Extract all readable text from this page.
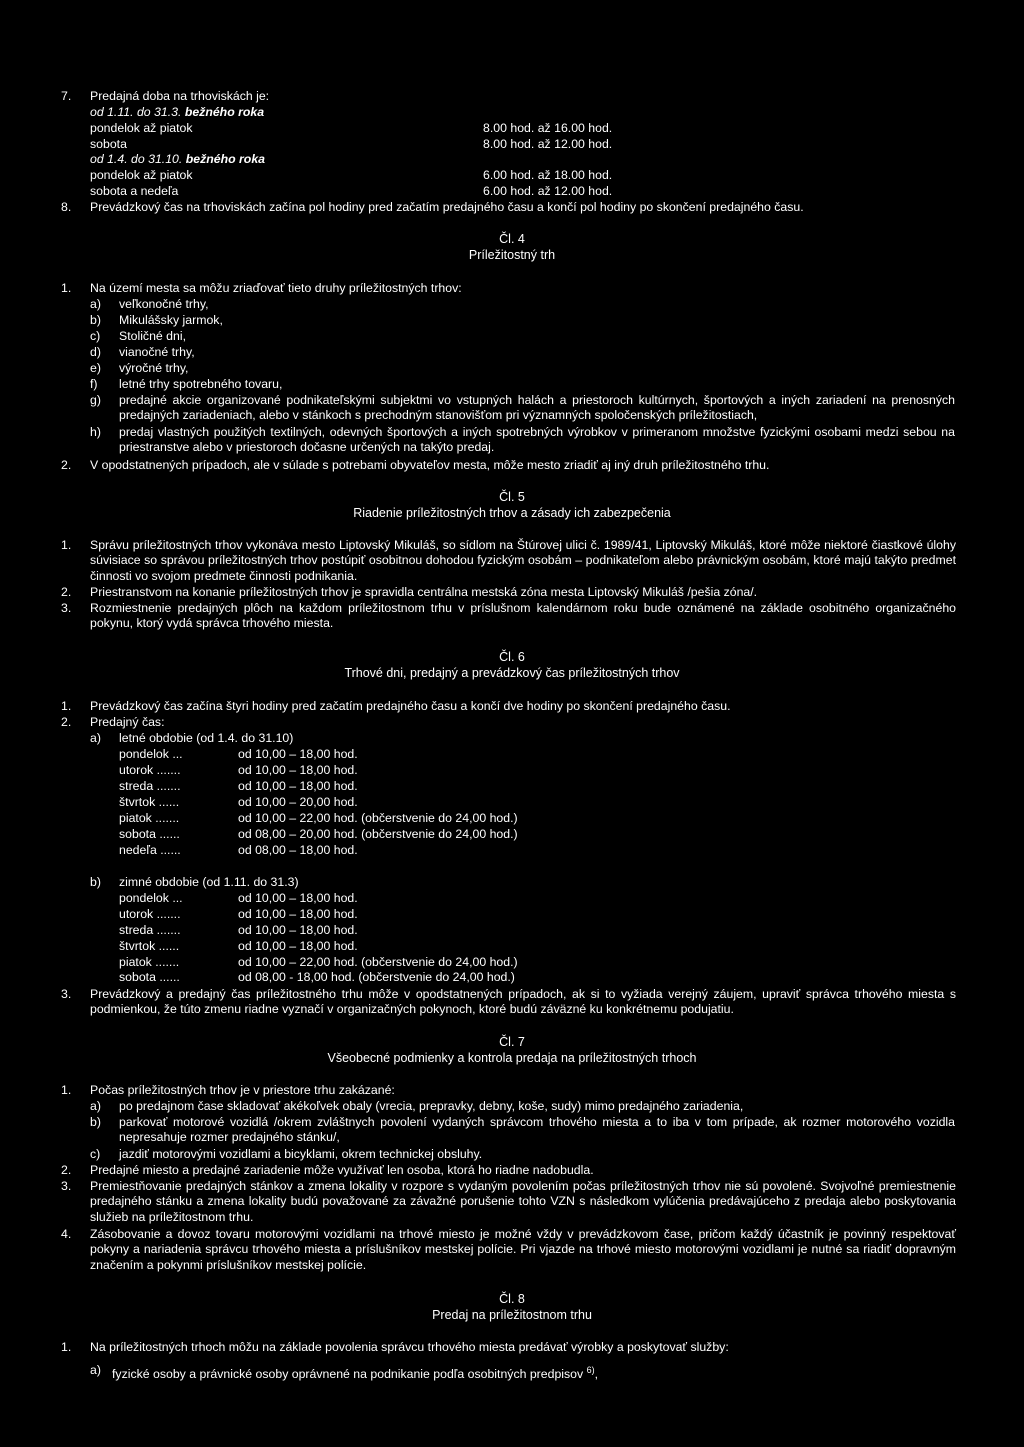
7. Predajná doba na trhoviskách je:
od 1.11. do 31.3. bežného roka
pondelok až piatok	8.00 hod. až 16.00 hod.
sobota	8.00 hod. až 12.00 hod.
od 1.4. do 31.10. bežného roka
pondelok až piatok	6.00 hod. až 18.00 hod.
sobota a nedeľa	6.00 hod. až 12.00 hod.
8. Prevádzkový čas na trhoviskách začína pol hodiny pred začatím predajného času a končí pol hodiny po skončení predajného času.
Čl. 4
Príležitostný trh
1. Na území mesta sa môžu zriaďovať tieto druhy príležitostných trhov:
a) veľkonočné trhy,
b) Mikulášsky jarmok,
c) Stoličné dni,
d) vianočné trhy,
e) výročné trhy,
f) letné trhy spotrebného tovaru,
g) predajné akcie organizované podnikateľskými subjektmi vo vstupných halách a priestoroch kultúrnych, športových a iných zariadení na prenosných predajných zariadeniach, alebo v stánkoch s prechodným stanovišťom pri významných spoločenských príležitostiach,
h) predaj vlastných použitých textilných, odevných športových a iných spotrebných výrobkov v primeranom množstve fyzickými osobami medzi sebou na priestranstve alebo v priestoroch dočasne určených na takýto predaj.
2. V opodstatnených prípadoch, ale v súlade s potrebami obyvateľov mesta, môže mesto zriadiť aj iný druh príležitostného trhu.
Čl. 5
Riadenie príležitostných trhov a zásady ich zabezpečenia
1. Správu príležitostných trhov vykonáva mesto Liptovský Mikuláš, so sídlom na Štúrovej ulici č. 1989/41, Liptovský Mikuláš, ktoré môže niektoré čiastkové úlohy súvisiace so správou príležitostných trhov postúpiť osobitnou dohodou fyzickým osobám – podnikateľom alebo právnickým osobám, ktoré majú takýto predmet činnosti vo svojom predmete činnosti podnikania.
2. Priestranstvom na konanie príležitostných trhov je spravidla centrálna mestská zóna mesta Liptovský Mikuláš /pešia zóna/.
3. Rozmiestnenie predajných plôch na každom príležitostnom trhu v príslušnom kalendárnom roku bude oznámené na základe osobitného organizačného pokynu, ktorý vydá správca trhového miesta.
Čl. 6
Trhové dni, predajný a prevádzkový čas príležitostných trhov
1. Prevádzkový čas začína štyri hodiny pred začatím predajného času a končí dve hodiny po skončení predajného času.
2. Predajný čas:
a) letné obdobie (od 1.4. do 31.10)
pondelok ...	od 10,00 – 18,00 hod.
utorok .......	od 10,00 – 18,00 hod.
streda .......	od 10,00 – 18,00 hod.
štvrtok ......	od 10,00 – 20,00 hod.
piatok .......	od 10,00 – 22,00 hod. (občerstvenie do 24,00 hod.)
sobota ......	od 08,00 – 20,00 hod. (občerstvenie do 24,00 hod.)
nedeľa ......	od 08,00 – 18,00 hod.
b) zimné obdobie (od 1.11. do 31.3)
pondelok ...	od 10,00 – 18,00 hod.
utorok .......	od 10,00 – 18,00 hod.
streda .......	od 10,00 – 18,00 hod.
štvrtok ......	od 10,00 – 18,00 hod.
piatok .......	od 10,00 – 22,00 hod. (občerstvenie do 24,00 hod.)
sobota ......	od 08,00 - 18,00 hod. (občerstvenie do 24,00 hod.)
3. Prevádzkový a predajný čas príležitostného trhu môže v opodstatnených prípadoch, ak si to vyžiada verejný záujem, upraviť správca trhového miesta s podmienkou, že túto zmenu riadne vyznačí v organizačných pokynoch, ktoré budú záväzné ku konkrétnemu podujatiu.
Čl. 7
Všeobecné podmienky a kontrola predaja na príležitostných trhoch
1. Počas príležitostných trhov je v priestore trhu zakázané:
a) po predajnom čase skladovať akékoľvek obaly (vrecia, prepravky, debny, koše, sudy) mimo predajného zariadenia,
b) parkovať motorové vozidlá /okrem zvláštnych povolení vydaných správcom trhového miesta a to iba v tom prípade, ak rozmer motorového vozidla nepresahuje rozmer predajného stánku/,
c) jazdiť motorovými vozidlami a bicyklami, okrem technickej obsluhy.
2. Predajné miesto a predajné zariadenie môže využívať len osoba, ktorá ho riadne nadobudla.
3. Premiestňovanie predajných stánkov a zmena lokality v rozpore s vydaným povolením počas príležitostných trhov nie sú povolené. Svojvoľné premiestnenie predajného stánku a zmena lokality budú považované za závažné porušenie tohto VZN s následkom vylúčenia predávajúceho z predaja alebo poskytovania služieb na príležitostnom trhu.
4. Zásobovanie a dovoz tovaru motorovými vozidlami na trhové miesto je možné vždy v prevádzkovom čase, pričom každý účastník je povinný respektovať pokyny a nariadenia správcu trhového miesta a príslušníkov mestskej polície. Pri vjazde na trhové miesto motorovými vozidlami je nutné sa riadiť dopravným značením a pokynmi príslušníkov mestskej polície.
Čl. 8
Predaj na príležitostnom trhu
1. Na príležitostných trhoch môžu na základe povolenia správcu trhového miesta predávať výrobky a poskytovať služby:
a) fyzické osoby a právnické osoby oprávnené na podnikanie podľa osobitných predpisov $^{6)}$,
